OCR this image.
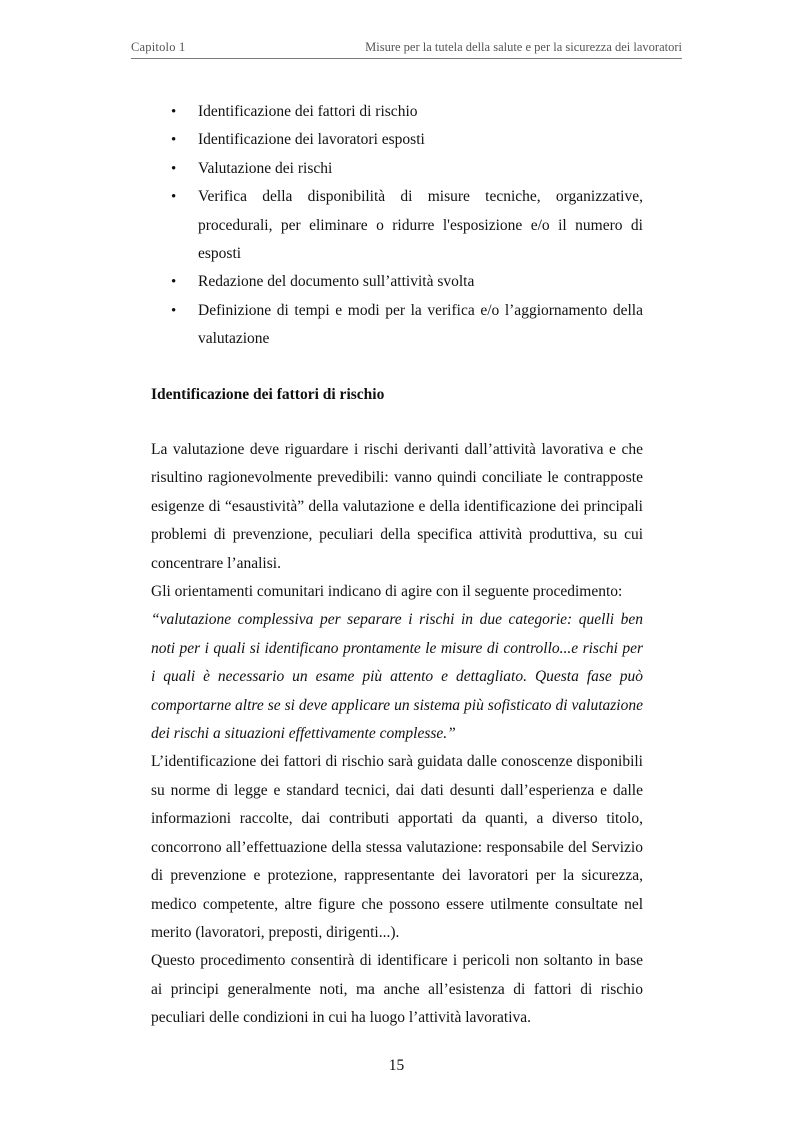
Capitolo 1	Misure per la tutela della salute e per la sicurezza dei lavoratori
• Identificazione dei fattori di rischio
• Identificazione dei lavoratori esposti
• Valutazione dei rischi
• Verifica della disponibilità di misure tecniche, organizzative, procedurali, per eliminare o ridurre l'esposizione e/o il numero di esposti
• Redazione del documento sull’attività svolta
• Definizione di tempi e modi per la verifica e/o l’aggiornamento della valutazione
Identificazione dei fattori di rischio

La valutazione deve riguardare i rischi derivanti dall’attività lavorativa e che risultino ragionevolmente prevedibili: vanno quindi conciliate le contrapposte esigenze di “esaustività” della valutazione e della identificazione dei principali problemi di prevenzione, peculiari della specifica attività produttiva, su cui concentrare l’analisi.

Gli orientamenti comunitari indicano di agire con il seguente procedimento:

“valutazione complessiva per separare i rischi in due categorie: quelli ben noti per i quali si identificano prontamente le misure di controllo...e rischi per i quali è necessario un esame più attento e dettagliato. Questa fase può comportarne altre se si deve applicare un sistema più sofisticato di valutazione dei rischi a situazioni effettivamente complesse.”

L’identificazione dei fattori di rischio sarà guidata dalle conoscenze disponibili su norme di legge e standard tecnici, dai dati desunti dall’esperienza e dalle informazioni raccolte, dai contributi apportati da quanti, a diverso titolo, concorrono all’effettuazione della stessa valutazione: responsabile del Servizio di prevenzione e protezione, rappresentante dei lavoratori per la sicurezza, medico competente, altre figure che possono essere utilmente consultate nel merito (lavoratori, preposti, dirigenti...).

Questo procedimento consentirà di identificare i pericoli non soltanto in base ai principi generalmente noti, ma anche all’esistenza di fattori di rischio peculiari delle condizioni in cui ha luogo l’attività lavorativa.

15
